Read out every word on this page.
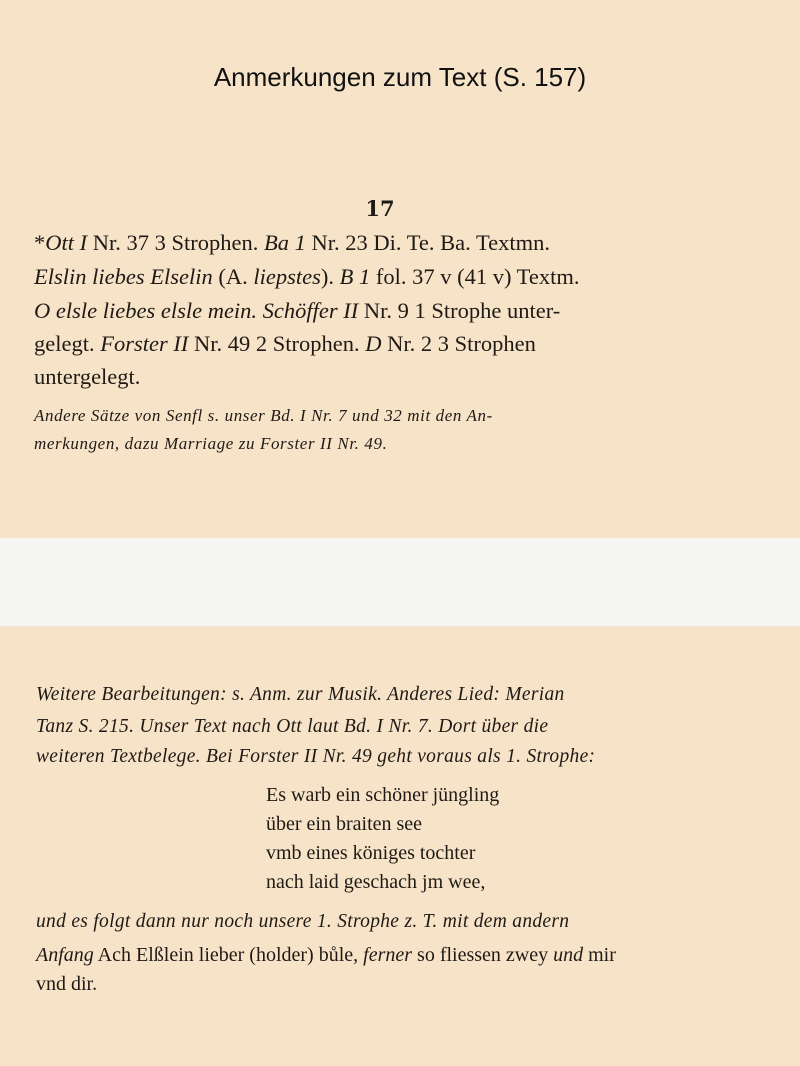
Anmerkungen zum Text (S. 157)
17
*Ott I Nr. 37 3 Strophen. Ba 1 Nr. 23 Di. Te. Ba. Textmn.
Elslin liebes Elselin (A. liepstes). B 1 fol. 37 v (41 v) Textm.
O elsle liebes elsle mein. Schöffer II Nr. 9 1 Strophe unter-
gelegt. Forster II Nr. 49 2 Strophen. D Nr. 2 3 Strophen
untergelegt.
Andere Sätze von Senfl s. unser Bd. I Nr. 7 und 32 mit den An-
merkungen, dazu Marriage zu Forster II Nr. 49.
Weitere Bearbeitungen: s. Anm. zur Musik. Anderes Lied: Merian
Tanz S. 215. Unser Text nach Ott laut Bd. I Nr. 7. Dort über die
weiteren Textbelege. Bei Forster II Nr. 49 geht voraus als 1. Strophe:
Es warb ein schöner jüngling
über ein braiten see
vmb eines königes tochter
nach laid geschach jm wee,
und es folgt dann nur noch unsere 1. Strophe z. T. mit dem andern
Anfang Ach Elßlein lieber (holder) bůle, ferner so fliessen zwey und mir
vnd dir.
